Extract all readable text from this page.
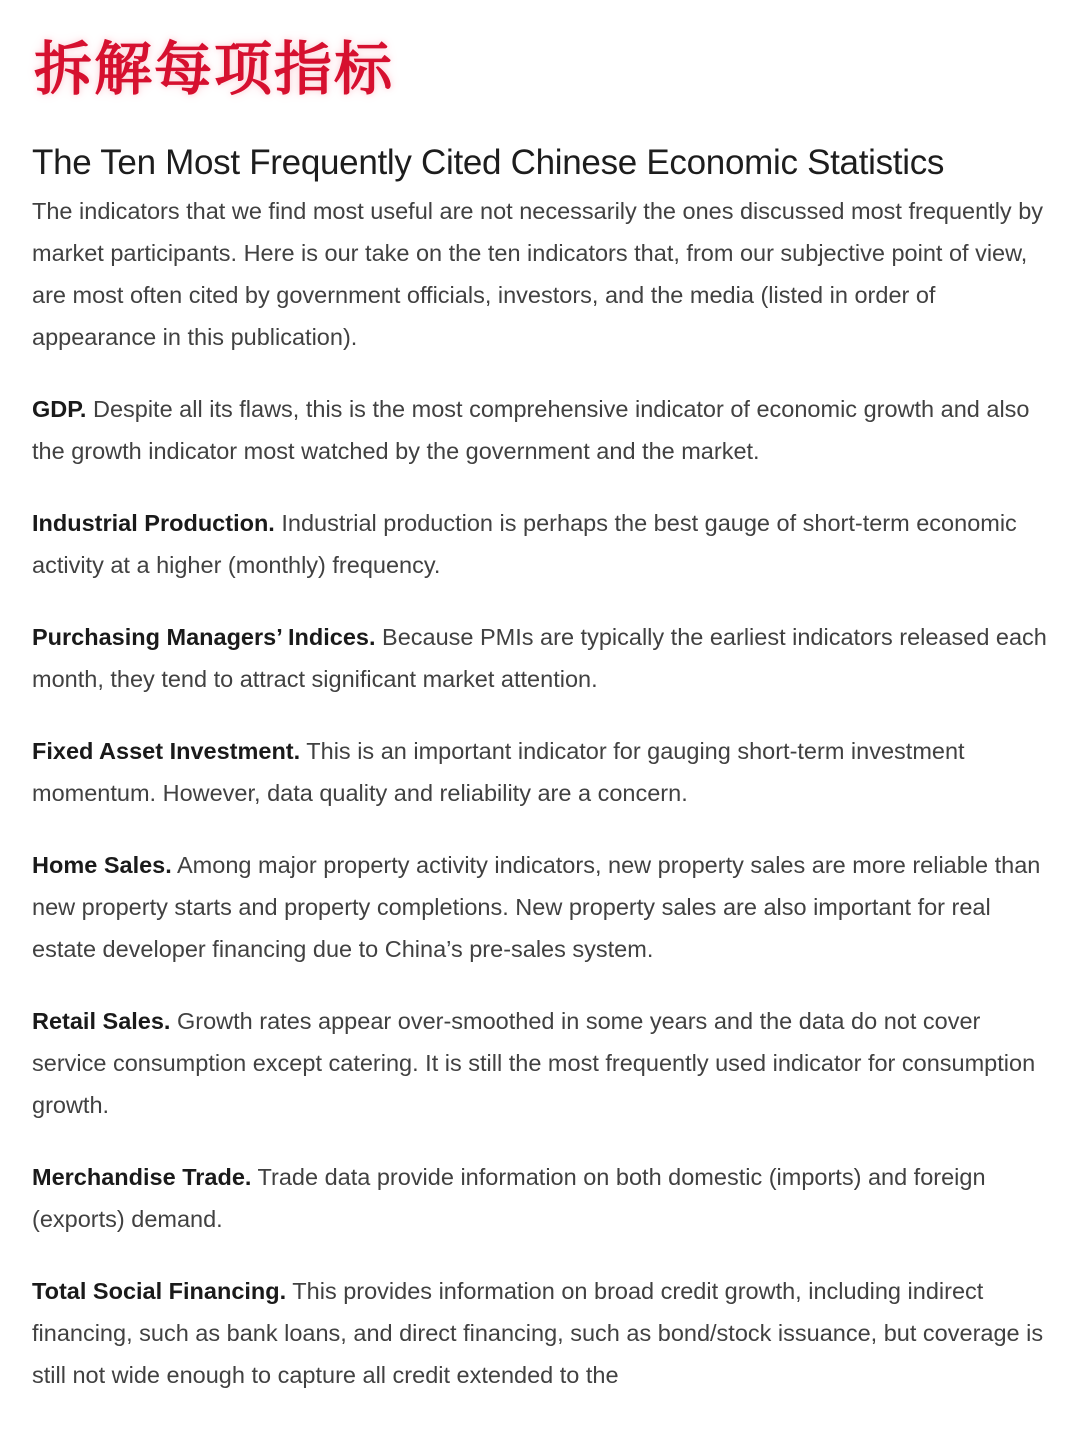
拆解每项指标
The Ten Most Frequently Cited Chinese Economic Statistics

The indicators that we find most useful are not necessarily the ones discussed most frequently by market participants. Here is our take on the ten indicators that, from our subjective point of view, are most often cited by government officials, investors, and the media (listed in order of appearance in this publication).

GDP. Despite all its flaws, this is the most comprehensive indicator of economic growth and also the growth indicator most watched by the government and the market.

Industrial Production. Industrial production is perhaps the best gauge of short-term economic activity at a higher (monthly) frequency.

Purchasing Managers’ Indices. Because PMIs are typically the earliest indicators released each month, they tend to attract significant market attention.

Fixed Asset Investment. This is an important indicator for gauging short-term investment momentum. However, data quality and reliability are a concern.

Home Sales. Among major property activity indicators, new property sales are more reliable than new property starts and property completions. New property sales are also important for real estate developer financing due to China’s pre-sales system.

Retail Sales. Growth rates appear over-smoothed in some years and the data do not cover service consumption except catering. It is still the most frequently used indicator for consumption growth.

Merchandise Trade. Trade data provide information on both domestic (imports) and foreign (exports) demand.

Total Social Financing. This provides information on broad credit growth, including indirect financing, such as bank loans, and direct financing, such as bond/stock issuance, but coverage is still not wide enough to capture all credit extended to the
